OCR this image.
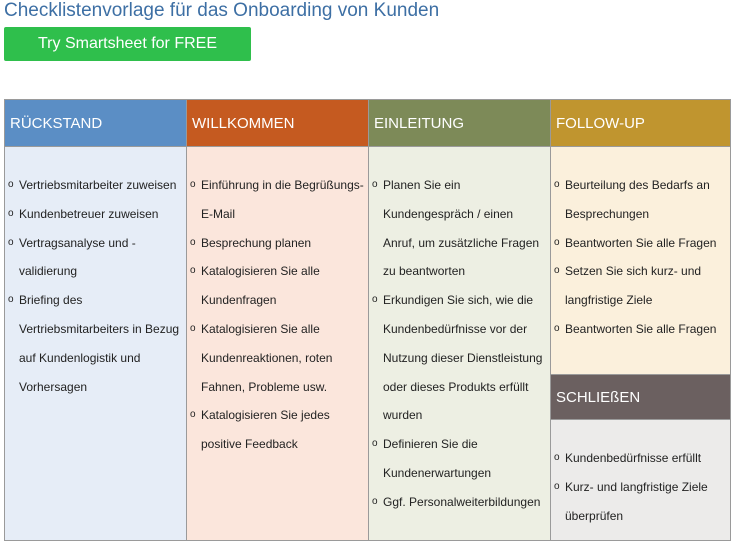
Checklistenvorlage für das Onboarding von Kunden
Try Smartsheet for FREE
RÜCKSTAND
o Vertriebsmitarbeiter zuweisen
o Kundenbetreuer zuweisen
o Vertragsanalyse und -validierung
o Briefing des Vertriebsmitarbeiters in Bezug auf Kundenlogistik und Vorhersagen
WILLKOMMEN
o Einführung in die Begrüßungs-E-Mail
o Besprechung planen
o Katalogisieren Sie alle Kundenfragen
o Katalogisieren Sie alle Kundenreaktionen, roten Fahnen, Probleme usw.
o Katalogisieren Sie jedes positive Feedback
EINLEITUNG
o Planen Sie ein Kundengespräch / einen Anruf, um zusätzliche Fragen zu beantworten
o Erkundigen Sie sich, wie die Kundenbedürfnisse vor der Nutzung dieser Dienstleistung oder dieses Produkts erfüllt wurden
o Definieren Sie die Kundenerwartungen
o Ggf. Personalweiterbildungen
FOLLOW-UP
o Beurteilung des Bedarfs an Besprechungen
o Beantworten Sie alle Fragen
o Setzen Sie sich kurz- und langfristige Ziele
o Beantworten Sie alle Fragen
SCHLIEßEN
o Kundenbedürfnisse erfüllt
o Kurz- und langfristige Ziele überprüfen
